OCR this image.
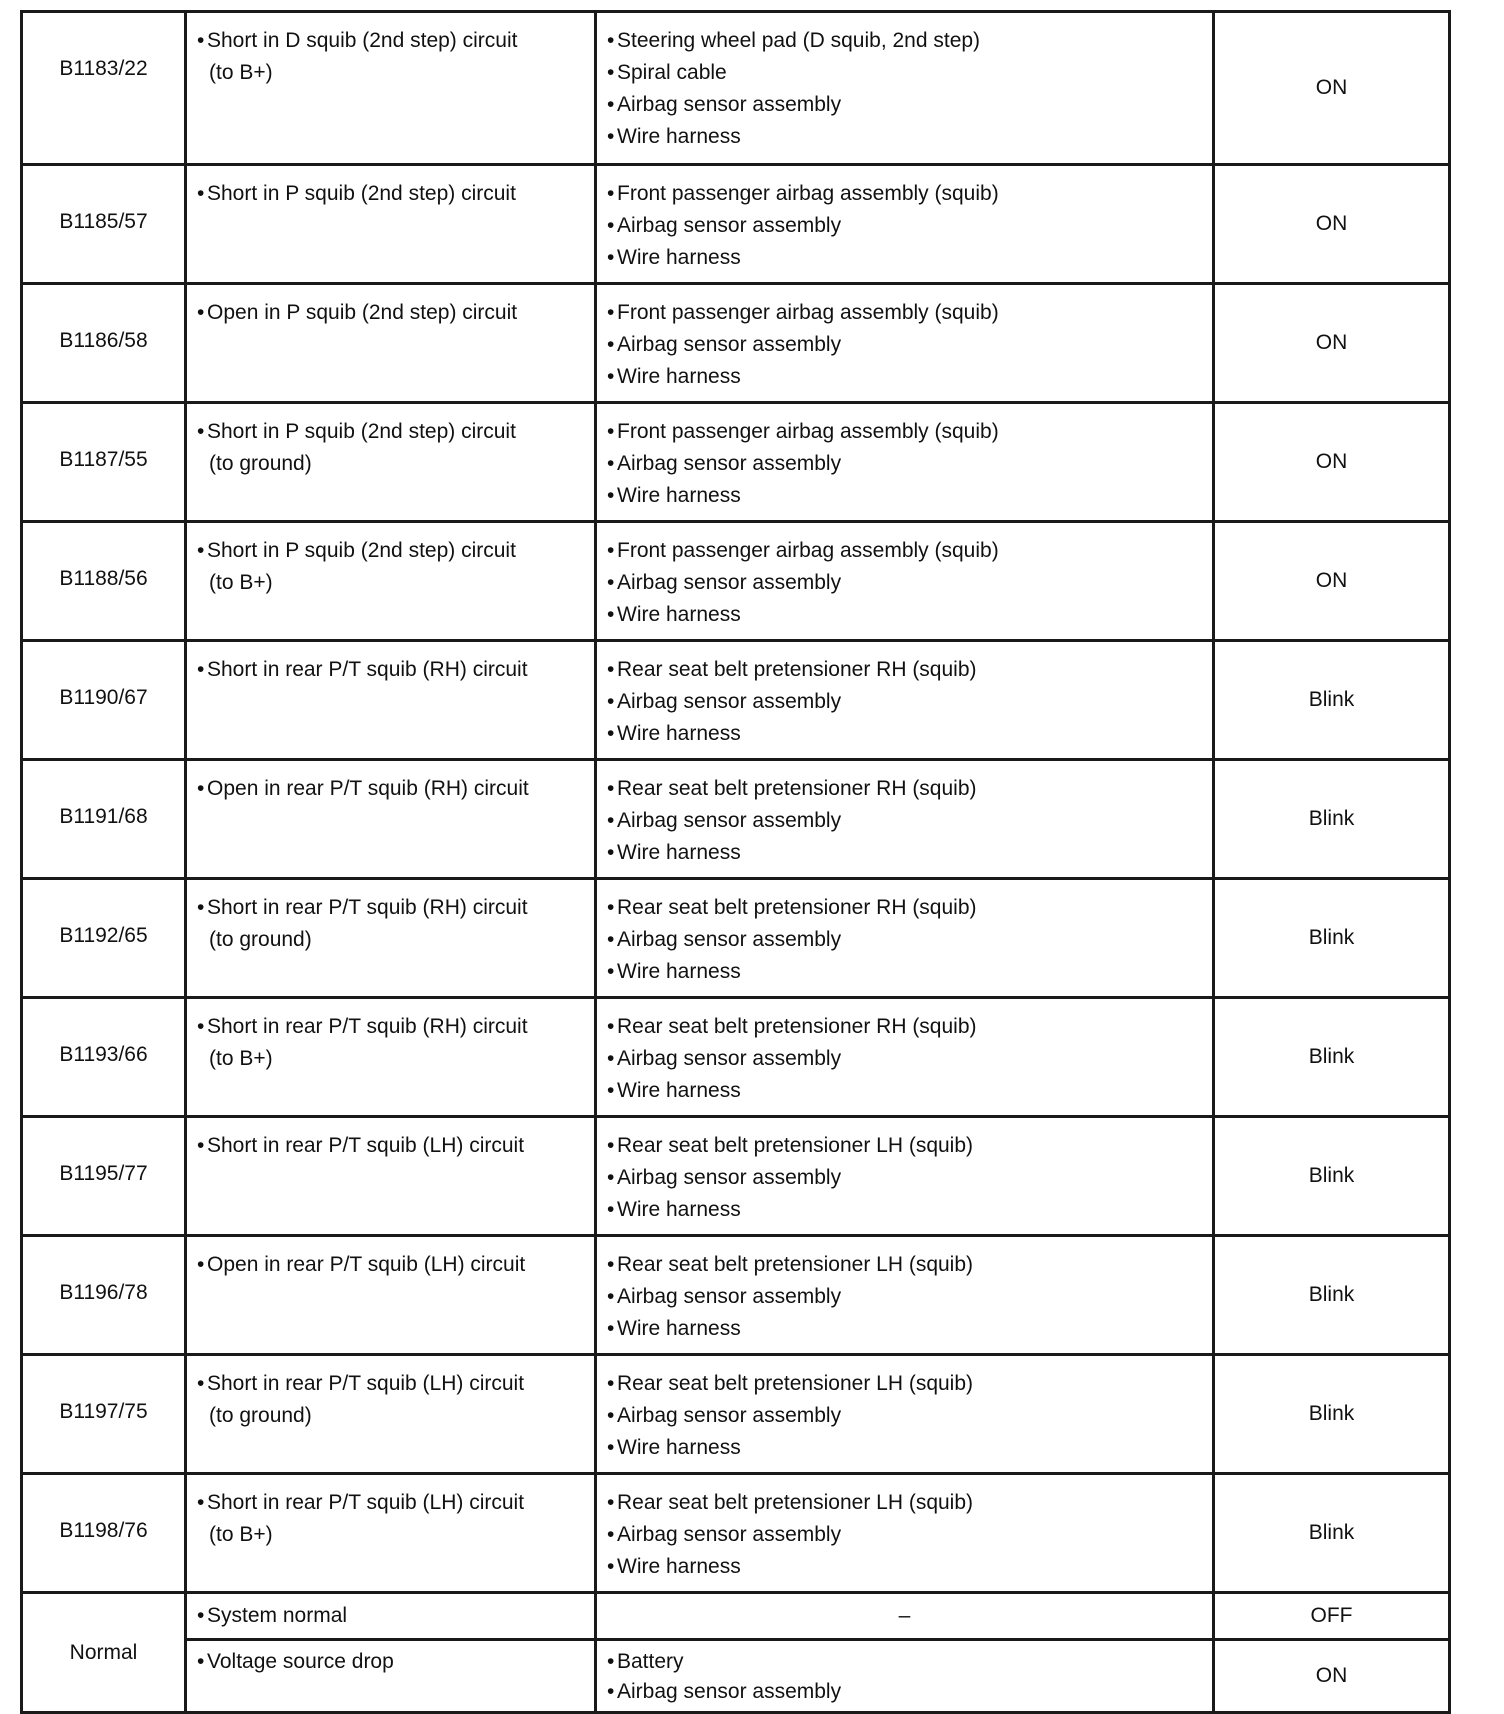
B1183/22	• Short in D squib (2nd step) circuit
(to B+)	• Steering wheel pad (D squib, 2nd step)
• Spiral cable
• Airbag sensor assembly
• Wire harness	ON

B1185/57	• Short in P squib (2nd step) circuit	• Front passenger airbag assembly (squib)
• Airbag sensor assembly
• Wire harness	ON

B1186/58	• Open in P squib (2nd step) circuit	• Front passenger airbag assembly (squib)
• Airbag sensor assembly
• Wire harness	ON

B1187/55	• Short in P squib (2nd step) circuit
(to ground)	• Front passenger airbag assembly (squib)
• Airbag sensor assembly
• Wire harness	ON

B1188/56	• Short in P squib (2nd step) circuit
(to B+)	• Front passenger airbag assembly (squib)
• Airbag sensor assembly
• Wire harness	ON

B1190/67	• Short in rear P/T squib (RH) circuit	• Rear seat belt pretensioner RH (squib)
• Airbag sensor assembly
• Wire harness	Blink

B1191/68	• Open in rear P/T squib (RH) circuit	• Rear seat belt pretensioner RH (squib)
• Airbag sensor assembly
• Wire harness	Blink

B1192/65	• Short in rear P/T squib (RH) circuit
(to ground)	• Rear seat belt pretensioner RH (squib)
• Airbag sensor assembly
• Wire harness	Blink

B1193/66	• Short in rear P/T squib (RH) circuit
(to B+)	• Rear seat belt pretensioner RH (squib)
• Airbag sensor assembly
• Wire harness	Blink

B1195/77	• Short in rear P/T squib (LH) circuit	• Rear seat belt pretensioner LH (squib)
• Airbag sensor assembly
• Wire harness	Blink

B1196/78	• Open in rear P/T squib (LH) circuit	• Rear seat belt pretensioner LH (squib)
• Airbag sensor assembly
• Wire harness	Blink

B1197/75	• Short in rear P/T squib (LH) circuit
(to ground)	• Rear seat belt pretensioner LH (squib)
• Airbag sensor assembly
• Wire harness	Blink

B1198/76	• Short in rear P/T squib (LH) circuit
(to B+)	• Rear seat belt pretensioner LH (squib)
• Airbag sensor assembly
• Wire harness	Blink
Normal	• System normal	–	OFF

	• Voltage source drop	• Battery
• Airbag sensor assembly	ON
